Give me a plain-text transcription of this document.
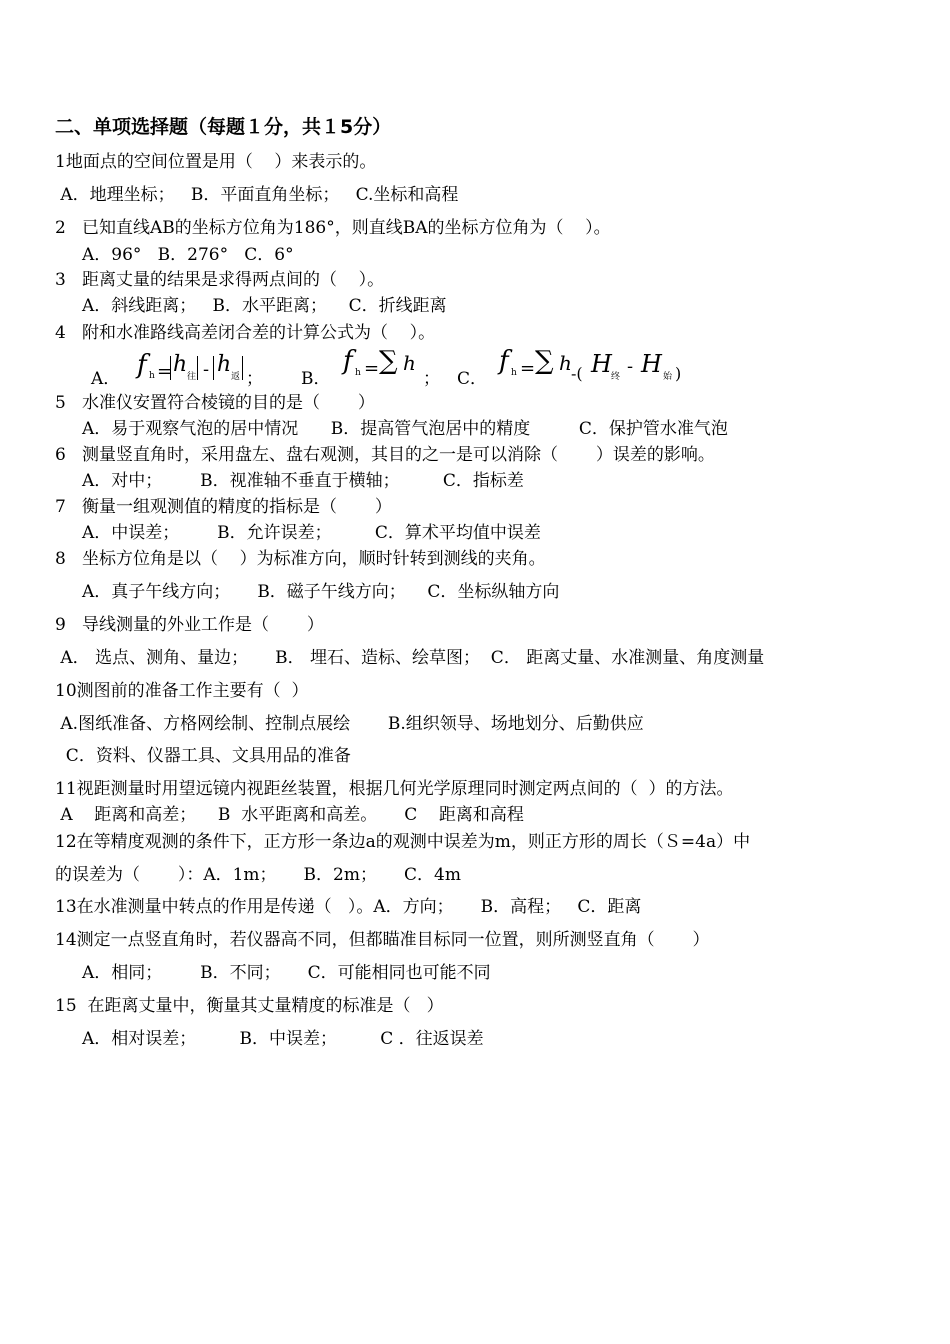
二、单项选择题（每题１分，共１5分）
1地面点的空间位置是用（    ）来表示的。
A．地理坐标；   B．平面直角坐标；   C.坐标和高程
2   已知直线AB的坐标方位角为186°，则直线BA的坐标方位角为（    ）。
A．96°   B．276°   C．6°
3   距离丈量的结果是求得两点间的（    ）。
A．斜线距离；   B．水平距离；    C．折线距离
4   附和水准路线高差闭合差的计算公式为（    ）。
A． f h = h 往 - h 返 ； B．
f h = ∑ h
； C．
f h = ∑ h -( H 终 - H 始 )
5   水准仪安置符合棱镜的目的是（       ）
A．易于观察气泡的居中情况      B．提高管气泡居中的精度         C．保护管水准气泡
6   测量竖直角时，采用盘左、盘右观测，其目的之一是可以消除（       ）误差的影响。
A．对中；       B．视准轴不垂直于横轴；        C．指标差
7   衡量一组观测值的精度的指标是（       ）
A．中误差；       B．允许误差；        C．算术平均值中误差
8   坐标方位角是以（    ）为标准方向，顺时针转到测线的夹角。
A．真子午线方向；     B．磁子午线方向；    C．坐标纵轴方向
9   导线测量的外业工作是（       ）
A． 选点、测角、量边；     B． 埋石、造标、绘草图；  C． 距离丈量、水准测量、角度测量
10测图前的准备工作主要有（  ）
A.图纸准备、方格网绘制、控制点展绘       B.组织领导、场地划分、后勤供应
C．资料、仪器工具、文具用品的准备
11视距测量时用望远镜内视距丝装置，根据几何光学原理同时测定两点间的（  ）的方法。
A    距离和高差；    B  水平距离和高差。     C    距离和高程
12在等精度观测的条件下，正方形一条边a的观测中误差为m，则正方形的周长（Ｓ=4a）中
的误差为（       ）：A．1m；     B．2m；     C．4m
13在水准测量中转点的作用是传递（   ）。A．方向；     B．高程；   C．距离
14测定一点竖直角时，若仪器高不同，但都瞄准目标同一位置，则所测竖直角（       ）
A．相同；       B．不同；     C．可能相同也可能不同
15  在距离丈量中，衡量其丈量精度的标准是（   ）
A．相对误差；        B．中误差；        C ．往返误差
